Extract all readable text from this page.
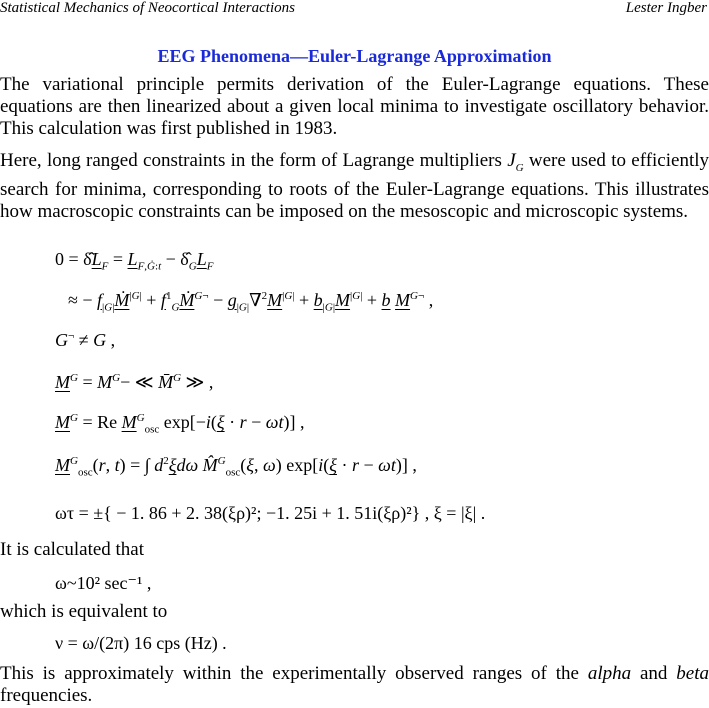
Statistical Mechanics of Neocortical Interactions	Lester Ingber
EEG Phenomena—Euler-Lagrange Approximation
The variational principle permits derivation of the Euler-Lagrange equations. These equations are then linearized about a given local minima to investigate oscillatory behavior. This calculation was first published in 1983.
Here, long ranged constraints in the form of Lagrange multipliers $J_G$ were used to efficiently search for minima, corresponding to roots of the Euler-Lagrange equations. This illustrates how macroscopic constraints can be imposed on the mesoscopic and microscopic systems.
$0 = \deltâL_F = L_{F,Ġ:t}$ − $\deltâ_GL_F$
≈ − $f_{|G|}Ṁ^{|G|}$ + $f^1_GṀ^{G\neg} - g_{|G|}\nabla^2M^{|G|} + b_{|G|}M^{|G|} + b$ $M^{G\neg}$ ,
G¬ ≠ G ,
$M^G = M^G-$ ≪ M̄$^G$ ≫ ,
$M^G = Re$ $M^G_{osc}$ exp[−i(ξ · r − ωt)] ,
$M^G_{osc}(r$, t) = ∫ $d^2\xi d\omega$ M̂$^G_{osc}$(ξ, ω) exp[i(ξ · r − ωt)] ,
ωτ = ±{ − 1. 86 + 2. 38(ξρ)²; −1. 25i + 1. 51i(ξρ)²} , ξ = |ξ| .
It is calculated that
ω~10² sec⁻¹ ,
which is equivalent to
ν = ω/(2π) 16 cps (Hz) .
This is approximately within the experimentally observed ranges of the alpha and beta frequencies.
